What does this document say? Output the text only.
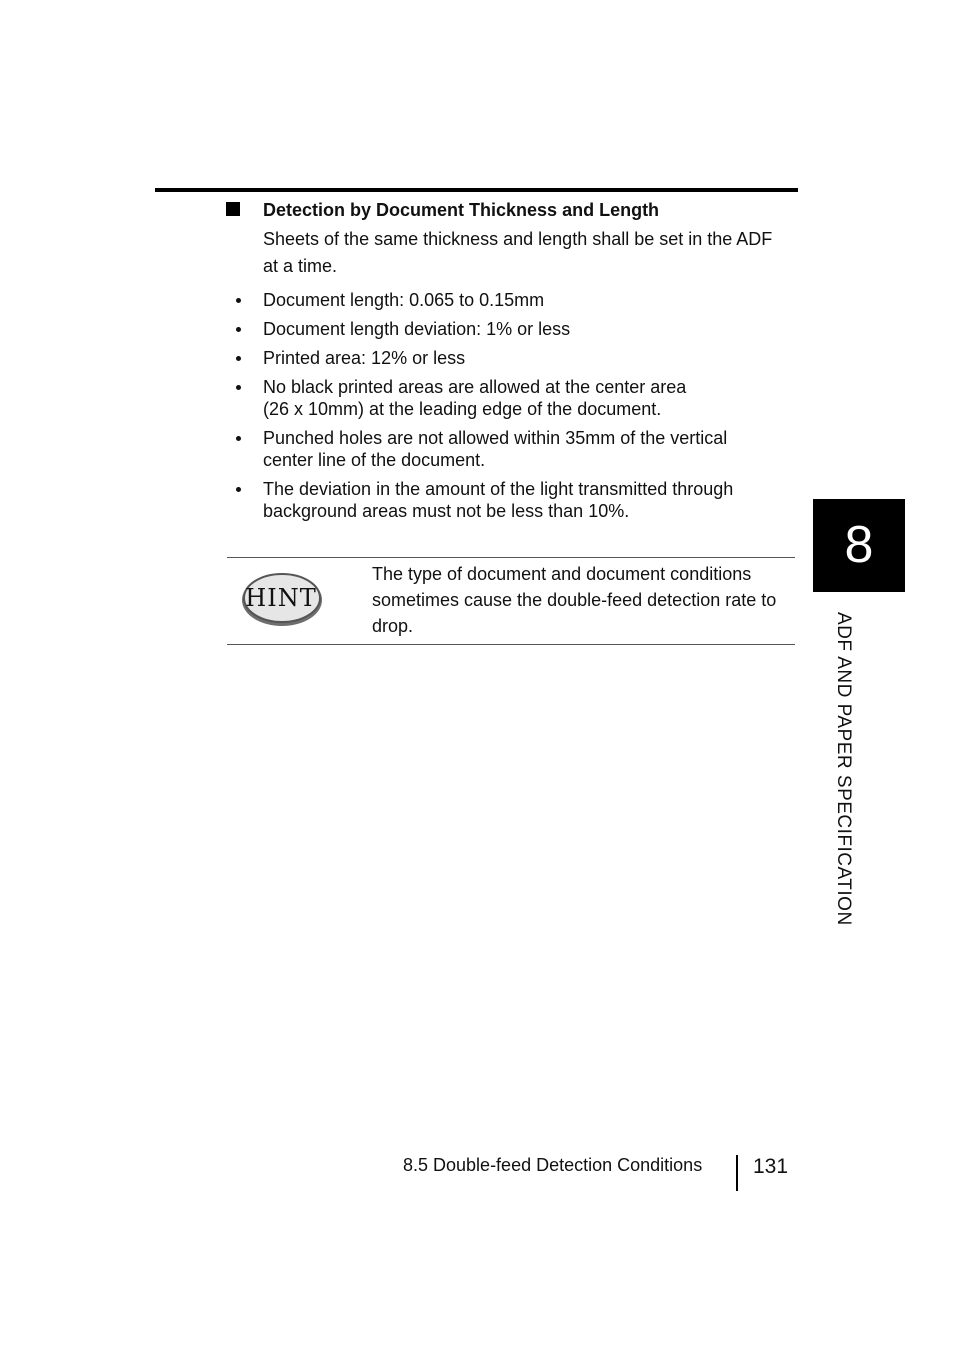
Detection by Document Thickness and Length
Sheets of the same thickness and length shall be set in the ADF at a time.
Document length: 0.065 to 0.15mm
Document length deviation: 1% or less
Printed area: 12% or less
No black printed areas are allowed at the center area
(26 x 10mm) at the leading edge of the document.
Punched holes are not allowed within 35mm of the vertical
center line of the document.
The deviation in the amount of the light transmitted through
background areas must not be less than 10%.
HINT
The type of document and document conditions sometimes cause the double-feed detection rate to drop.
8
ADF AND PAPER SPECIFICATION
8.5 Double-feed Detection Conditions 131
